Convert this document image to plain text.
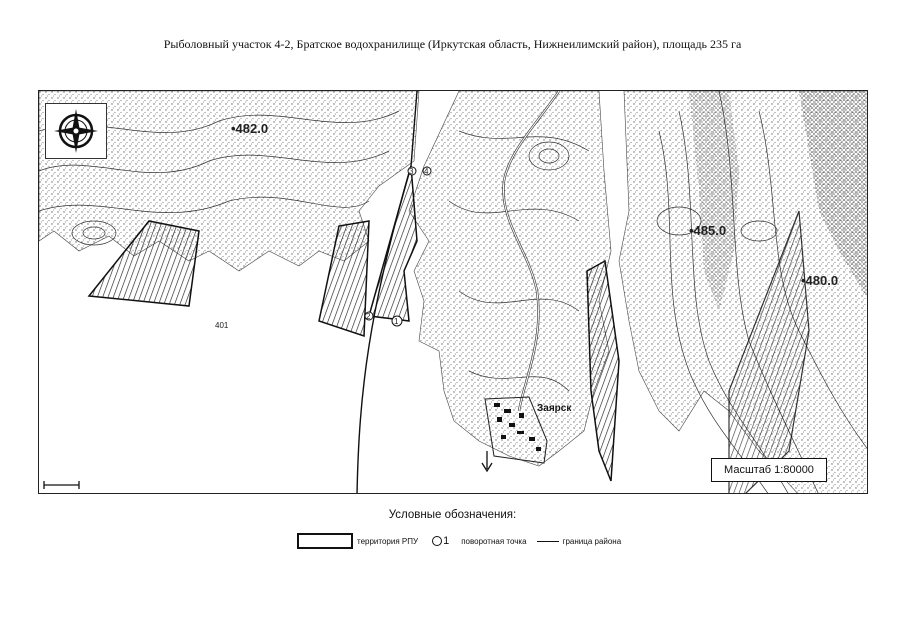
Рыболовный участок 4-2, Братское водохранилище (Иркутская область, Нижнеилимский район), площадь 235 га
•482.0
•485.0
•480.0
3 4
2
1
401
Заярск
Масштаб 1:80000
Условные обозначения:
территория РПУ 1 поворотная точка	граница района
